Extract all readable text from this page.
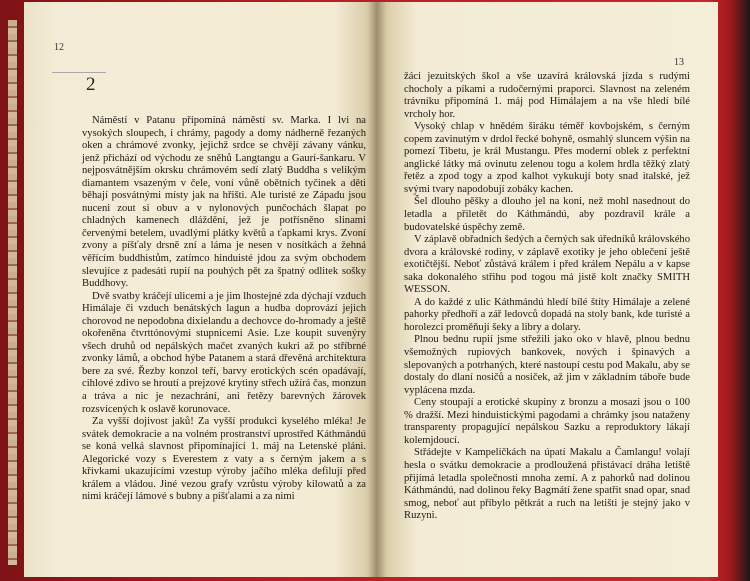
12
2

Náměstí v Patanu připomíná náměstí sv. Marka. I lvi na vysokých sloupech, i chrámy, pagody a domy nádherně řezaných oken a chrámové zvonky, jejichž srdce se chvějí závany vánku, jenž přichází od východu ze sněhů Langtangu a Gaurí-šankaru. V nejposvátnějším okrsku chrámovém sedí zlatý Buddha s velikým diamantem vsazeným v čele, voní vůně obětních tyčinek a děti běhají posvátnými místy jak na hřišti. Ale turisté ze Západu jsou nuceni zout si obuv a v nylonových punčochách šlapat po chladných kamenech dláždění, jež je potřísněno slinami červenými betelem, uvadlými plátky květů a ťapkami krys. Zvoní zvony a píšťaly drsně zní a láma je nesen v nosítkách a žehná věřícím buddhistům, zatímco hinduisté jdou za svým obchodem slevujíce z padesáti rupií na pouhých pět za špatný odlitek sošky Buddhovy.

Dvě svatby kráčejí ulicemi a je jim lhostejné zda dýchají vzduch Himálaje či vzduch benátských lagun a hudba doprovází jejich chorovod ne nepodobna dixielandu a dechovce do-hromady a ještě okořeněna čtvrttónovými stupnicemi Asie. Lze koupit suvenýry všech druhů od nepálských mačet zvaných kukri až po stříbrné zvonky lámů, a obchod hýbe Patanem a stará dřevěná architektura bere za své. Řezby konzol teří, barvy erotických scén opadávají, cihlové zdivo se hroutí a prejzové krytiny střech užírá čas, monzun a tráva a nic je nezachrání, ani řetězy barevných žárovek rozsvícených k oslavě korunovace.

Za vyšší dojivost jaků! Za vyšší produkci kyselého mléka! Je svátek demokracie a na volném prostranství uprostřed Káthmándú se koná velká slavnost připomínající 1. máj na Letenské pláni. Alegorické vozy s Everestem z vaty a s černým jakem a s křivkami ukazujícími vzestup výroby jačího mléka defilují před králem a vládou. Jiné vezou grafy vzrůstu výroby kilowatů a za nimi kráčejí lámové s bubny a píšťalami a za nimi

13

žáci jezuitských škol a vše uzavírá královská jízda s rudými chocholy a píkami a rudočernými praporci. Slavnost na zeleném trávníku připomíná 1. máj pod Himálajem a na vše hledí bílé vrcholy hor.

Vysoký chlap v hnědém širáku téměř kovbojském, s černým copem zavinutým v drdol řecké bohyně, osmahlý sluncem výšin na pomezí Tibetu, je král Mustangu. Přes moderní oblek z perfektní anglické látky má ovinutu zelenou togu a kolem hrdla těžký zlatý řetěz a zpod togy a zpod kalhot vykukují boty snad italské, jež svými tvary napodobují zobáky kachen.

Šel dlouho pěšky a dlouho jel na koni, než mohl nasednout do letadla a přiletět do Káthmándú, aby pozdravil krále a budovatelské úspěchy země.

V záplavě obřadních šedých a černých sak úředníků královského dvora a královské rodiny, v záplavě exotiky je jeho oblečení ještě exotičtější. Neboť zůstává králem i před králem Nepálu a v kapse saka dokonalého střihu pod togou má jistě kolt značky SMITH WESSON.

A do každé z ulic Káthmándú hledí bílé štíty Himálaje a zelené pahorky předhoří a zář ledovců dopadá na stoly bank, kde turisté a horolezci proměňují šeky a libry a dolary.

Plnou bednu rupií jsme střežili jako oko v hlavě, plnou bednu všemožných rupiových bankovek, nových i špinavých a slepovaných a potrhaných, které nastoupí cestu pod Makalu, aby se dostaly do dlaní nosičů a nosiček, až jim v základním táboře bude vyplácena mzda.

Ceny stoupají a erotické skupiny z bronzu a mosazi jsou o 100 % dražší. Mezi hinduistickými pagodami a chrámky jsou nataženy transparenty propagující nepálskou Sazku a reproduktory lákají kolemjdoucí.

Střádejte v Kampeličkách na úpatí Makalu a Čamlangu! volají hesla o svátku demokracie a prodloužená přistávací dráha letiště přijímá letadla společnosti mnoha zemí. A z pahorků nad dolinou Káthmándú, nad dolinou řeky Bagmátí žene spatřit snad opar, snad smog, neboť aut přibylo pětkrát a ruch na letišti je stejný jako v Ruzyni.
